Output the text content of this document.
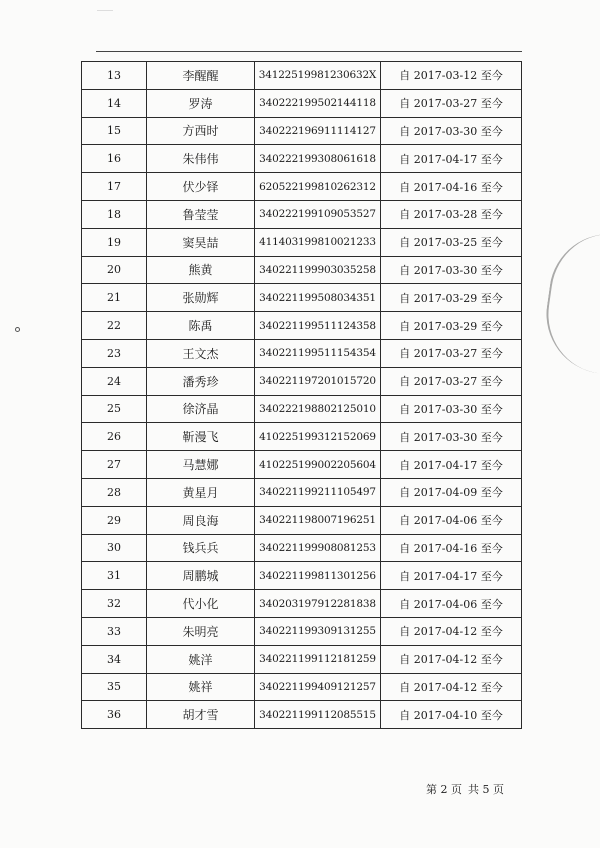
13	李醒醒	34122519981230632X	自 2017-03-12 至今
14	罗涛	340222199502144118	自 2017-03-27 至今
15	方西时	340222196911114127	自 2017-03-30 至今
16	朱伟伟	340222199308061618	自 2017-04-17 至今
17	伏少铎	620522199810262312	自 2017-04-16 至今
18	鲁莹莹	340222199109053527	自 2017-03-28 至今
19	窦昊喆	411403199810021233	自 2017-03-25 至今
20	熊黄	340221199903035258	自 2017-03-30 至今
21	张勋辉	340221199508034351	自 2017-03-29 至今
22	陈禹	340221199511124358	自 2017-03-29 至今
23	王文杰	340221199511154354	自 2017-03-27 至今
24	潘秀珍	340221197201015720	自 2017-03-27 至今
25	徐济晶	340222198802125010	自 2017-03-30 至今
26	靳漫飞	410225199312152069	自 2017-03-30 至今
27	马慧娜	410225199002205604	自 2017-04-17 至今
28	黄星月	340221199211105497	自 2017-04-09 至今
29	周良海	340221198007196251	自 2017-04-06 至今
30	钱兵兵	340221199908081253	自 2017-04-16 至今
31	周鹏城	340221199811301256	自 2017-04-17 至今
32	代小化	340203197912281838	自 2017-04-06 至今
33	朱明亮	340221199309131255	自 2017-04-12 至今
34	姚洋	340221199112181259	自 2017-04-12 至今
35	姚祥	340221199409121257	自 2017-04-12 至今
36	胡才雪	340221199112085515	自 2017-04-10 至今
第 2 页 共 5 页
